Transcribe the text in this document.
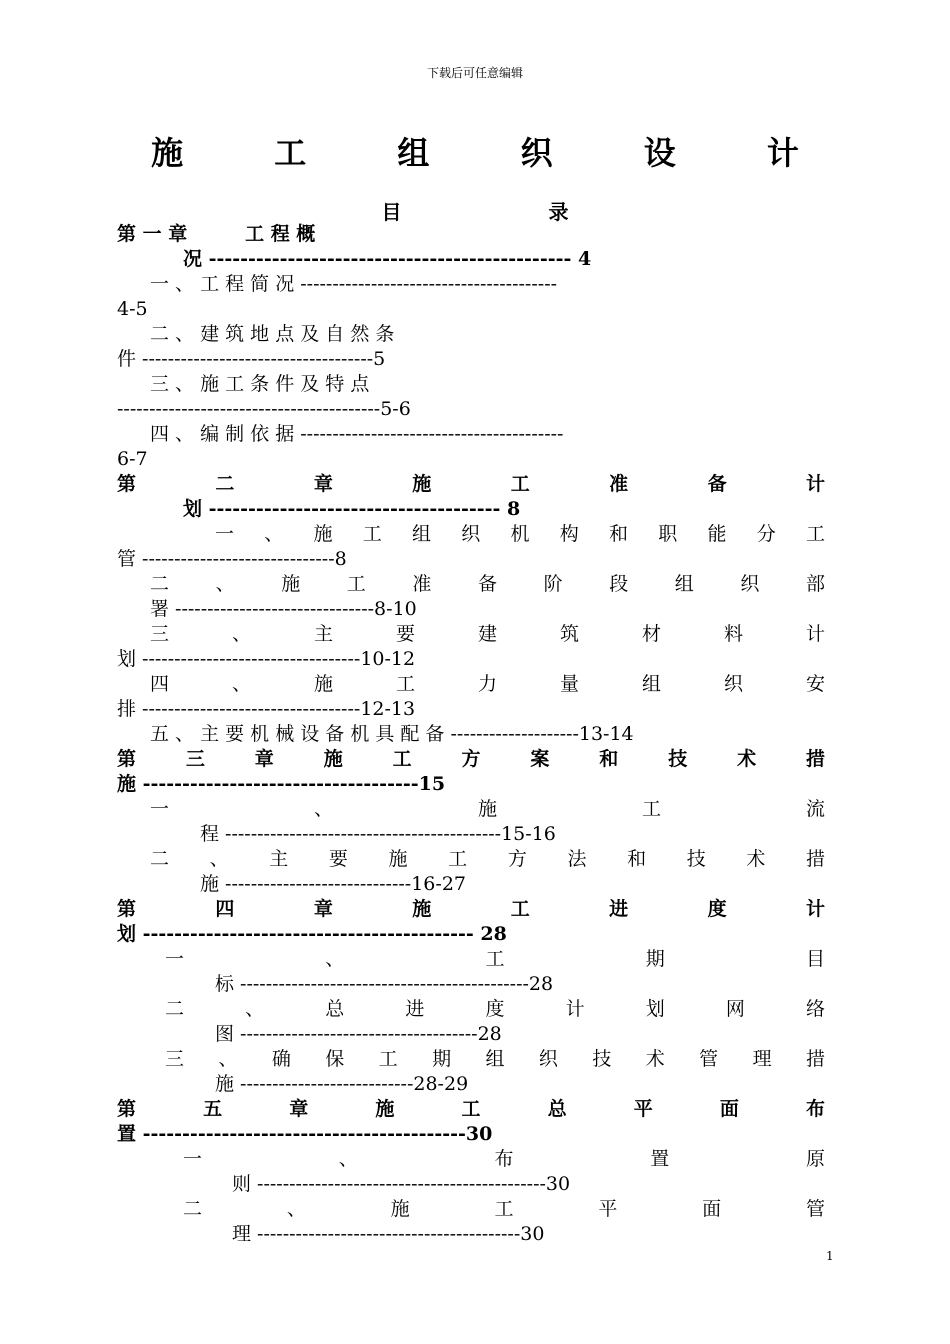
下载后可任意编辑
施 工 组 织 设 计
目 录
第 一 章 　 　 工 程 概
况 ---------------------------------------------- 4
一 、 工 程 简 况 ----------------------------------------
4-5
二 、 建 筑 地 点 及 自 然 条
件 ------------------------------------5
三 、 施 工 条 件 及 特 点
-----------------------------------------5-6
四 、 编 制 依 据 -----------------------------------------
6-7
第 二 章 施 工 准 备 计
划 ------------------------------------- 8
一 、 施 工 组 织 机 构 和 职 能 分 工
管 ------------------------------8
二 、 施 工 准 备 阶 段 组 织 部
署 -------------------------------8-10
三 、 主 要 建 筑 材 料 计
划 ----------------------------------10-12
四 、 施 工 力 量 组 织 安
排 ----------------------------------12-13
五 、 主 要 机 械 设 备 机 具 配 备 --------------------13-14
第 三 章 施 工 方 案 和 技 术 措
施 -----------------------------------15
一 、 施 工 流
程 -------------------------------------------15-16
二 、 主 要 施 工 方 法 和 技 术 措
施 -----------------------------16-27
第 四 章 施 工 进 度 计
划 ------------------------------------------ 28
一 、 工 期 目
标 ---------------------------------------------28
二 、 总 进 度 计 划 网 络
图 -------------------------------------28
三 、 确 保 工 期 组 织 技 术 管 理 措
施 ---------------------------28-29
第 五 章 施 工 总 平 面 布
置 -----------------------------------------30
一 、 布 置 原
则 ---------------------------------------------30
二 、 施 工 平 面 管
理 -----------------------------------------30
1
